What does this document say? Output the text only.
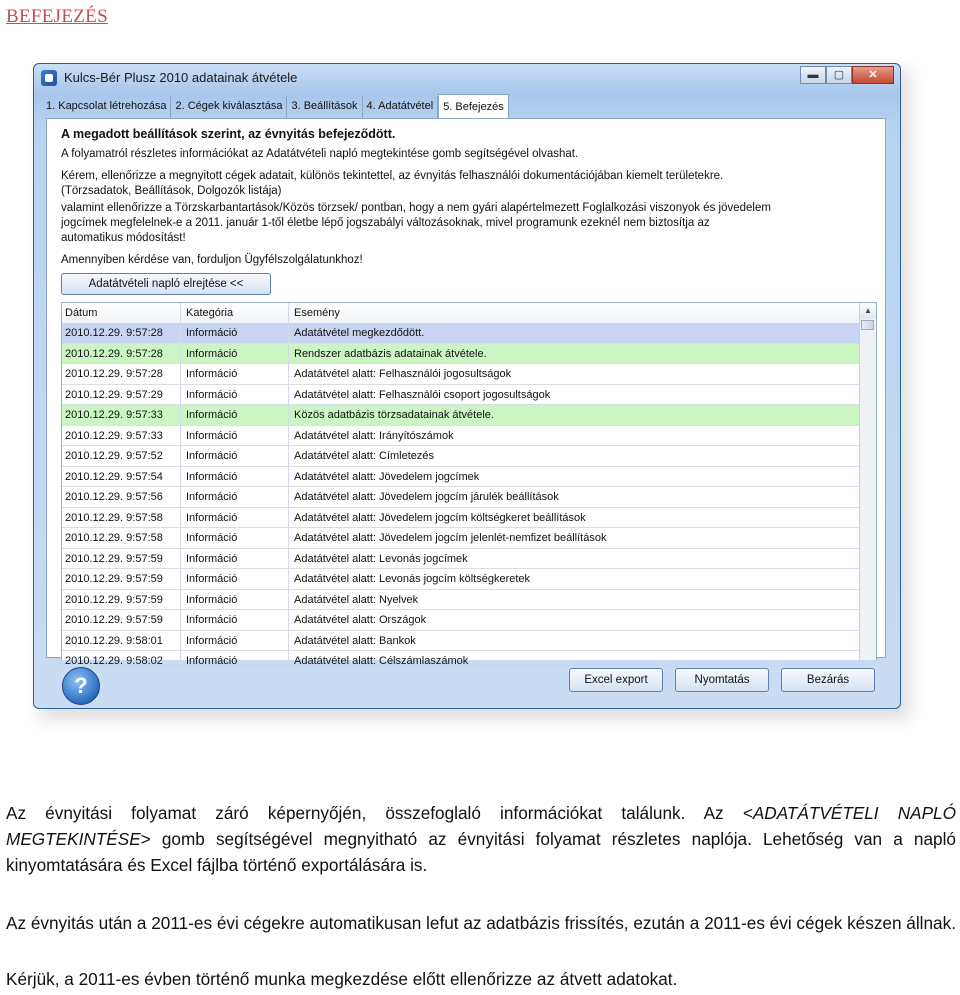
BEFEJEZÉS
Kulcs-Bér Plusz 2010 adatainak átvétele	▬	▢	✕
1. Kapcsolat létrehozása 2. Cégek kiválasztása 3. Beállítások 4. Adatátvétel 5. Befejezés
A megadott beállítások szerint, az évnyitás befejeződött.
A folyamatról részletes információkat az Adatátvételi napló megtekintése gomb segítségével olvashat.
Kérem, ellenőrizze a megnyitott cégek adatait, különös tekintettel, az évnyitás felhasználói dokumentációjában kiemelt területekre.
(Törzsadatok, Beállítások, Dolgozók listája)
valamint ellenőrizze a Törzskarbantartások/Közös törzsek/ pontban, hogy a nem gyári alapértelmezett Foglalkozási viszonyok és jövedelem
jogcímek megfelelnek-e a 2011. január 1-től életbe lépő jogszabályi változásoknak, mivel programunk ezeknél nem biztosítja az
automatikus módosítást!
Amennyiben kérdése van, forduljon Ügyfélszolgálatunkhoz!
Adatátvételi napló elrejtése <<
Dátum	Kategória	Esemény
2010.12.29. 9:57:28 Információ	Adatátvétel megkezdődött.
2010.12.29. 9:57:28 Információ	Rendszer adatbázis adatainak átvétele.
2010.12.29. 9:57:28 Információ	Adatátvétel alatt: Felhasználói jogosultságok
2010.12.29. 9:57:29 Információ	Adatátvétel alatt: Felhasználói csoport jogosultságok
2010.12.29. 9:57:33 Információ	Közös adatbázis törzsadatainak átvétele.
2010.12.29. 9:57:33 Információ	Adatátvétel alatt: Irányítószámok
2010.12.29. 9:57:52 Információ	Adatátvétel alatt: Címletezés
2010.12.29. 9:57:54 Információ	Adatátvétel alatt: Jövedelem jogcímek
2010.12.29. 9:57:56 Információ	Adatátvétel alatt: Jövedelem jogcím járulék beállítások
2010.12.29. 9:57:58 Információ	Adatátvétel alatt: Jövedelem jogcím költségkeret beállítások
2010.12.29. 9:57:58 Információ	Adatátvétel alatt: Jövedelem jogcím jelenlét-nemfizet beállítások
2010.12.29. 9:57:59 Információ	Adatátvétel alatt: Levonás jogcímek
2010.12.29. 9:57:59 Információ	Adatátvétel alatt: Levonás jogcím költségkeretek
2010.12.29. 9:57:59 Információ	Adatátvétel alatt: Nyelvek
2010.12.29. 9:57:59 Információ	Adatátvétel alatt: Országok
2010.12.29. 9:58:01 Információ	Adatátvétel alatt: Bankok
2010.12.29. 9:58:02 Információ	Adatátvétel alatt: Célszámlaszámok
▲
?	Excel export	Nyomtatás	Bezárás
Az évnyitási folyamat záró képernyőjén, összefoglaló információkat találunk. Az <ADATÁTVÉTELI NAPLÓ MEGTEKINTÉSE> gomb segítségével megnyitható az évnyitási folyamat részletes naplója. Lehetőség van a napló kinyomtatására és Excel fájlba történő exportálására is.
Az évnyitás után a 2011-es évi cégekre automatikusan lefut az adatbázis frissítés, ezután a 2011-es évi cégek készen állnak.
Kérjük, a 2011-es évben történő munka megkezdése előtt ellenőrizze az átvett adatokat.
